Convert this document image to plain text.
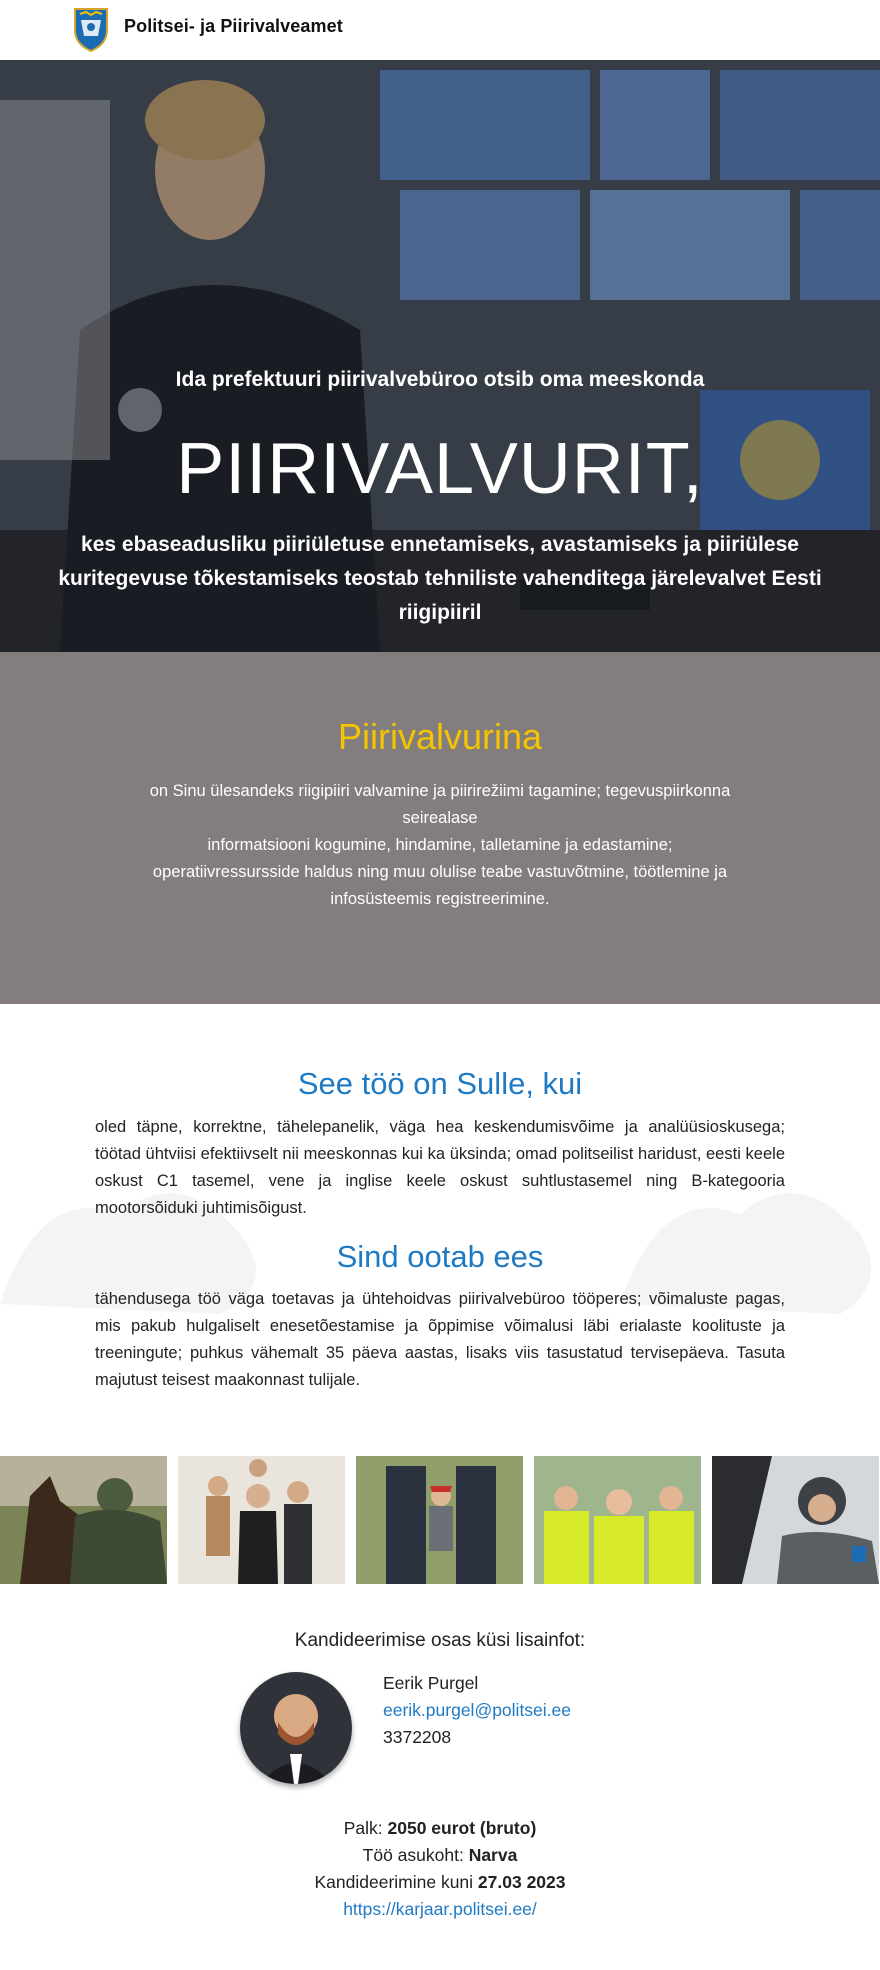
Politsei- ja Piirivalveamet
Ida prefektuuri piirivalvebüroo otsib oma meeskonda
PIIRIVALVURIT,
kes ebaseadusliku piiriületuse ennetamiseks, avastamiseks ja piiriülese kuritegevuse tõkestamiseks teostab tehniliste vahenditega järelevalvet Eesti riigipiiril
Piirivalvurina
on Sinu ülesandeks riigipiiri valvamine ja piirirežiimi tagamine; tegevuspiirkonna seirealase
informatsiooni kogumine, hindamine, talletamine ja edastamine;
operatiivressursside haldus ning muu olulise teabe vastuvõtmine, töötlemine ja infosüsteemis registreerimine.
See töö on Sulle, kui
oled täpne, korrektne, tähelepanelik, väga hea keskendumisvõime ja analüüsioskusega; töötad ühtviisi efektiivselt nii meeskonnas kui ka üksinda; omad politseilist haridust, eesti keele oskust C1 tasemel, vene ja inglise keele oskust suhtlustasemel ning B-kategooria mootorsõiduki juhtimisõigust.
Sind ootab ees
tähendusega töö väga toetavas ja ühtehoidvas piirivalvebüroo tööperes; võimaluste pagas, mis pakub hulgaliselt enesetõestamise ja õppimise võimalusi läbi erialaste koolituste ja treeningute; puhkus vähemalt 35 päeva aastas, lisaks viis tasustatud tervisepäeva. Tasuta majutust teisest maakonnast tulijale.
Kandideerimise osas küsi lisainfot:
Eerik Purgel
eerik.purgel@politsei.ee
3372208
Palk: 2050 eurot (bruto)
Töö asukoht: Narva
Kandideerimine kuni 27.03 2023
https://karjaar.politsei.ee/
